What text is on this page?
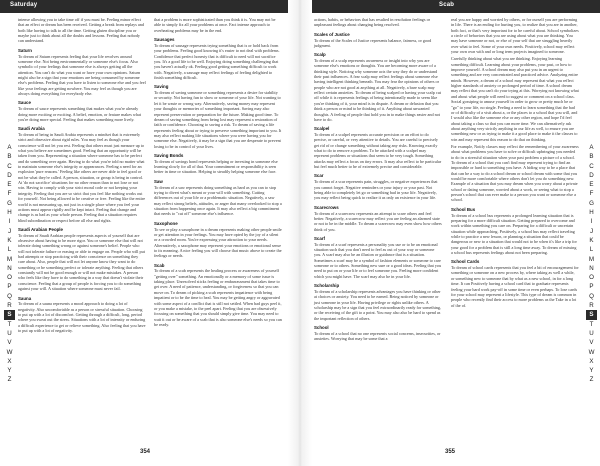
Saturday
A
B
C
D
E
F
G
H
I
J
K
L
M
N
O
P
Q
R
S
T
U
V
W
X
Y
Z

intense allowing you to take time off if you must be. Feeling minor effect that an effect or dream has been received. Getting a break from replays and both like having to talk to all the time. Getting gluten discipline you or maybe just to think about all the doubts and lessons. Feeling that nobody can understand.

Saturn

To dream of Saturn represents feeling that your life revolves around someone else. Not being environmentally or someone else's focus. Also symbolic of your feelings that someone else is always getting all the attention. You can't do what you want or have your own opinions. Saturn might also be a sign that your emotions are being consumed by someone else's problems. Feeling that you have to listen to someone else and you feel like your feelings are getting nowhere. You may feel as though you are always doing everything for everybody else.

Sauce

To dream of sauce represents something that makes what you're already doing more exciting or exciting. A belief, emotion, or feature makes what you're doing more special. Feeling that makes something more lively.

Saudi Arabia

To dream of being in Saudi Arabia represents a mindset that is extremely strict and obsessive about rigid rules. You may feel as though your conscience will not let you rest. Feeling that others must just measure up to what you believe are sometimes good. Feeling that an opportunity will be taken from you. Representing a situation where someone has to be perfect and do something over again. Having to do what you're told no matter what to maintain someone else's integrity or appearances. Feeling a need for an explosion 'pure reasons.' Feeling like others are never able to feel good or not be what they're called. A person, situation, or group is being in control. At 'do not sacrifice' situations for no other reason than to not lose or not win. Having to comply with your strict moral code or not keeping your integrity. Feeling that you are so strict that you feel like nothing works out for yourself. Not being allowed to be creative or free. Feeling like the entire world is not measuring up, not just in a single place where you feel your actions must appear rigidly and be kept intact. Feeling that change and change is as bad as your whole person. Feeling that a situation requires blind subordination or respect before all else and rights.

Saudi Arabian People

To dream of Saudi Arabian people represents aspects of yourself that are obsessive about having to be more rigor. You or someone else that will not tolerate doing something wrong or against someone's belief. People who will not tolerate failure or erasing or able to engage on. People who will put bad attempts or stop practicing with their conscience on something they care about. Also, people that will not let anyone know they want to do something or be something perfect or tolerate anything. Feeling that others constantly will not be good enough or will not make mistakes. A person who feels like they have to do something in a way that doesn't violate their conscience. Feeling that a group of people is forcing you to do something against your will. A situation where someone must never fail.

Sauna

To dream of a sauna represents a mood approach to doing a lot of negativity. Also uncomfortable as a person or stressful situation. Choosing to put up with a lot of discomfort. Getting through a difficult, long, period where you sweat out the stress. Situations with a lot of intensity or enduring a difficult experience to get or relieve something. Also feeling that you have to put up with a lot of negativity.

that a problem is more sophisticated than you think it is. You may not be able to simply fix all your problems at once. Fact intense approach to overheating problems may be in the end.

Sausages

To dream of sausage represents trying something that is or hold back from your problems. Feeling good knowing it's easier to not deal with problems. Confidence that perfect honesty that is difficult to need will not sacrifice you. It's a good life to be well. Enjoying doing something challenging that you haven't actually ok. Feeling good getting something difficult to work with. Negatively, a sausage may reflect feelings of feeling delighted to finish something difficult.

Saving

To dream of saving someone or something represents a desire for stability or security. Not having fun to show or someone of your life. Not wanting to let it be waste or wrong way. Alternatively, saving money may represent your thoughts or memories of something important. Saving may also represent preservation or preparation for the future. Making good time. To dream of saving something from being lost may represent a restoration of faith or confidence. Choosing to saving a risk. To dream of saving a life represents feeling about or trying to preserve something important to you. It may also reflect making life situations where you were having you for someone else. Negatively, it may be a sign that you are desperate to prevent losing to be in control of your lives.

Saving Bonds

To dream of savings bond represents helping or investing in someone else learning slowly for all of that. Your commitment or responsibility is seen better in time or situation. Helping to steadily helping someone else face.

Saw

To dream of a saw represents doing something as hard as you can to stop trying to divert what's meant or your will with something. Cutting differences out of your life or a problematic situation. Negatively, a saw may reflect strong beliefs, attitudes, or anger that many overlooked to stop a situation from happening once again. It may also reflect a big commitment that needs to "cut off" someone else's influence.

Saxophone

To see or play a saxophone in a dream represents making other people smile or get attention in your feelings. You may have opted by the joy of a silent or a crowded room. You're expressing your attraction to your needs. Alternatively, a saxophone may represent your emotions or emotional sense to its meaning. A nice feeling you will choose that music above to create the feelings or needs.

Scab

To dream of a scab represents the healing process or awareness of yourself "getting over" something. An emotionally or a memory of some issue is taking place. Unresolved sticks feeling or embarrassment that takes time to get over. A need of patience, understanding, or forgiveness so that you can move on. To dream of picking a scab represents impatience with being impatient or to be the time to heal. You may be getting angry or aggravated with some aspect of a conflict that is still not settled. When bad guys peel it, or you make a mistake, to the peel apart. Feeling that you are obsessively focusing on something that you should simply give time. You may need to wait it out or be aware of a scab that is also someone else's needs so you can be ready.

354
Scab
A
B
C
D
E
F
G
H
I
J
K
L
M
N
O
P
Q
R
S
T
U
V
W
X
Y
Z

actions, habits, or behaviors that has resulted in resolution feelings or unpleasant feelings about changing being resolved.

Scales of Justice

To dream of the Scales of Justice represents balance, fairness, or good judgment.

Scalp

To dream of a scalp represents awareness or insight into why you are someone else's emotions or thoughts. You are becoming more aware of a thinking style. Noticing why someone acts the way they do or understand their past influences. A fear scalp may reflect feelings about someone else having intelligent thinking beneath. You may fear the opinions of others or people who are not good at anything at all. Negatively, a bare scalp may reflect certain anxieties. To dream of being scalped or having your scalp cut off while it is represents feelings of being intentionally made to seem like you're thinking of it, your mind is in dispute. A dream or delusion that you think a person or mind to be thinking of it. Anything about unwanted thoughts. A feeling of people that hold you in to make things easier and not have to do.

Scalpel

To dream of a scalpel represents accurate precision or an effort to do precise, or careful, or very attentive to details. You are careful to precisely get rid of or change something without taking any risks. Knowing exactly what to do to remove a problem. To be attacked with a scalpel may represent problems or situations that seem to be very tough. Something attacks may reflect a focus on tiny errors. It may also reflect to be particular but feel much better to be of extremely precise and considerable.

Scar

To dream of a scar represents pain, struggles, or negative experiences that you cannot forget. Negative reminders or your injury or your past. Not being able to completely let go or something bad in your life. Negatively, you may reflect being quick to realize it as only an existence in your life.

Scarecrows

To dream of a scarecrow represents an attempt to scare others and feel better. Negatively, a scarecrow may reflect you are feeling an alarmed state or not to be in the middle. To dream a scarecrow may even show how others think of you.

Scarf

To dream of a scarf represents a personality you use or to be an emotional situation such that you don't need to feel as out of your way or someone you. A scarf may also be an illusion or guidance that is a situation. Sometimes a scarf may be a symbol of fashion elements or someone to care someone or to others. Something new sure or a good ideas. Feeling that you need to put on or your life or to feel someone you. Feeling more confident which you might have. The scarf may also be in your life.

Scholarship

To dream of a scholarship represents advantages you have thinking or other at choices or anxiety. You need to be earned. Being noticed by someone or just someone in your life. Having privilege or rights unlike others. A scholarship may be a sign that you feel extraordinarily ready for something, or the receiving of the gift to a point. You may also also be hard to spend as the important reflection of others.

School

To dream of a school that no one represents social concerns, insecurities, or anxieties. Worrying that may be some that a

real you are happy and worried by others, or for ourself you are performing in life. There is an ending for hurting you, to realize that you are in another, both fact, or that's very important for to be careful about. School symbolizes a circle of behaviors that you are using about what you are thinking. You may have someone or not, or else of your self that are struggling heavily over what to feel. Some of your own needs. Positively, school may reflect your own own with and or long term projects imagined to someone.

Carefully thinking about what you are thinking. Enjoying learning something difficult. Learning about your problems, your past, or how to improve yourself. A school dream may also put you in an urgent to something and are very concentrated and practiced advice. Analyzing entire minds. However, a dream of a school may represent that what you reflect higher standards of anxiety or prolonged period of time. A school dream may reflect that you can't do your trying at this. Worrying not knowing what and about what people will need to suggest or comment on a school class. Social gossiping to amuse yourself in order to grow or pretty much be or "go" to your life, no single. Feeling a need to learn something that the bad or of difficulty of a visit about a, or the places to a school that you will, and I would also like the someone else or any other region, and hope I'd feel about taking a class so that you can more time. We can alternatively ask about anything very strictly anything in our life as well, to ensure you are something new or as trying to make it a good place to make it the classes to win and may represent this reason to do that on thinking.

For example, Notify classes may reflect the remembering of your awareness about what problems you have to solve or difficult upbringing you needed to do in a stressful situation when your past problem a picture of a school. To dream of a school that you can't find may represent trying to find an impossible or hard to something you have. A hiding way to be a place that that can be a way to do a school dream or school dream with some that you would be more comfortable where others don't let you do something new. Example of a situation that you may dream when you worry about a private school or dating someone, worried about a work, or seeing what to stop a person's school that can ever make to a person you want or someone else a school.

School Bus

To dream of a school bus represents a prolonged learning situation that is preparing for a more difficult situation. Getting prepared to overcome and work within something you care on. Preparing for a difficult or uncertain situation while approaching. Positively, a school bus may reflect traveling while to practice a new lesson, or planning a situation that could be dangerous or new to a situation that would not to be when it's like a trip for your good for a problem that is still a long time away. To dream of missing a school bus represents feelings about not been preparing.

School Cards

To dream of school cards represents that you feel a bit of encouragement for something or someone on a new process by, where taking as well a while, or something new to someone that by what as a new school, in for a long time. It can Positively having a school card that to graduate represents feeling your hard work pay-off in some time or even perhaps. To lose cards for your school may represent a lifestyle. This type of dream is common in people who recently find their access to more problems as the Take in a lot of the of.

355
